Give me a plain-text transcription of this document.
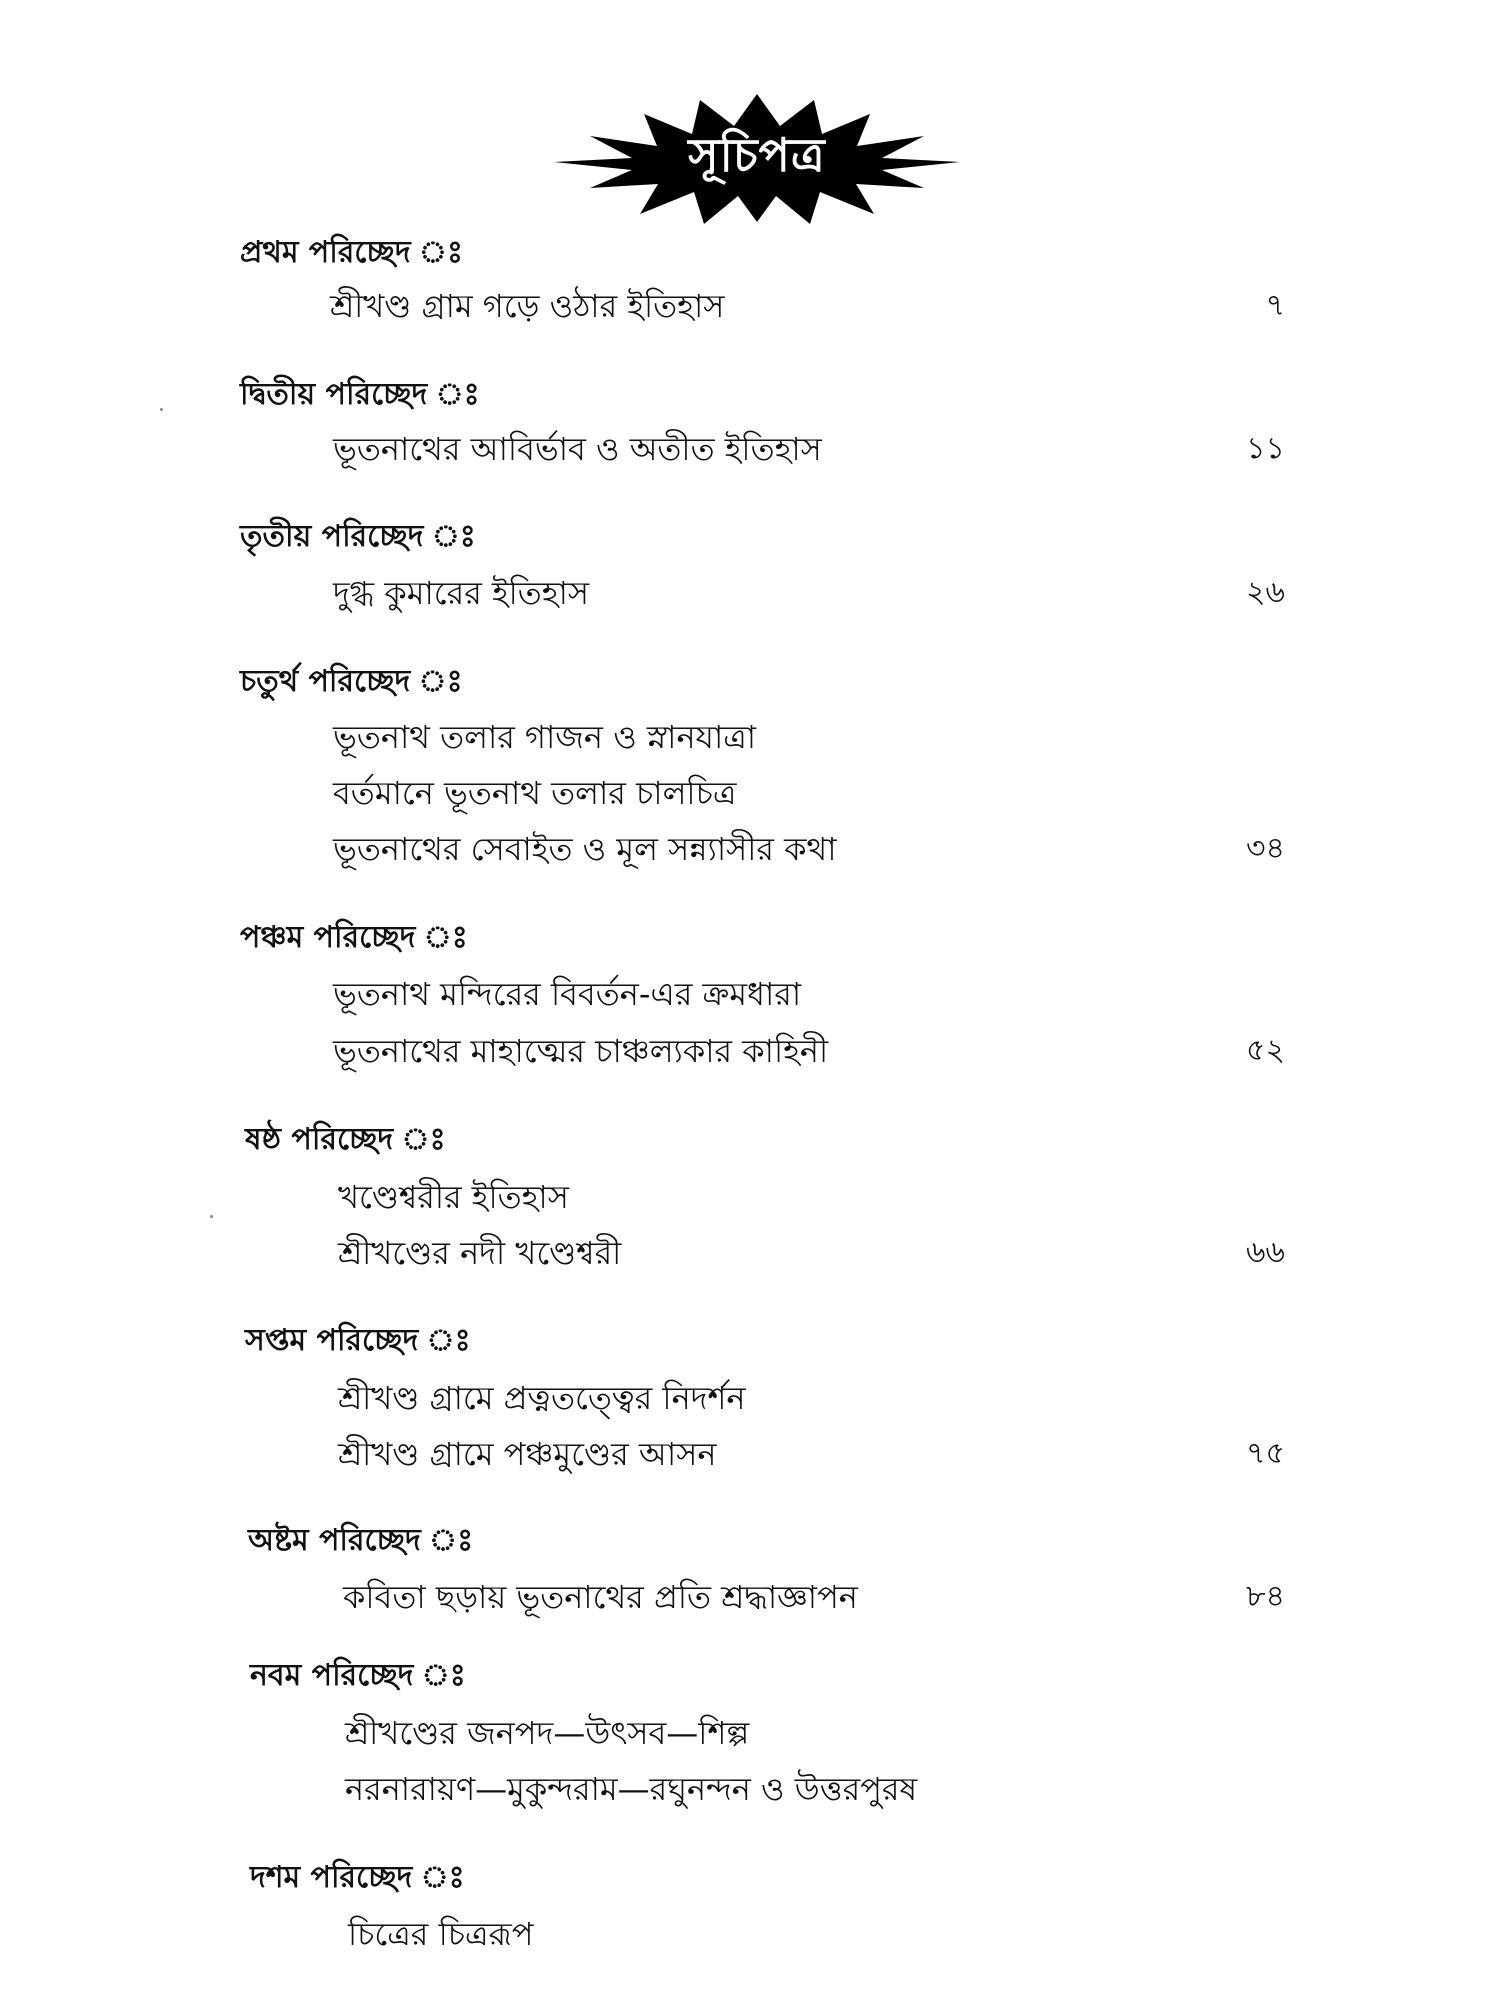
সূচিপত্র
প্রথম পরিচ্ছেদ ঃ
শ্রীখণ্ড গ্রাম গড়ে ওঠার ইতিহাস	৭
দ্বিতীয় পরিচ্ছেদ ঃ
ভূতনাথের আবির্ভাব ও অতীত ইতিহাস	১১
তৃতীয় পরিচ্ছেদ ঃ
দুগ্ধ কুমারের ইতিহাস	২৬
চতুর্থ পরিচ্ছেদ ঃ
ভূতনাথ তলার গাজন ও স্নানযাত্রা
বর্তমানে ভূতনাথ তলার চালচিত্র
ভূতনাথের সেবাইত ও মূল সন্ন্যাসীর কথা	৩৪
পঞ্চম পরিচ্ছেদ ঃ
ভূতনাথ মন্দিরের বিবর্তন-এর ক্রমধারা
ভূতনাথের মাহাত্মের চাঞ্চল্যকার কাহিনী	৫২
ষষ্ঠ পরিচ্ছেদ ঃ
খণ্ডেশ্বরীর ইতিহাস
শ্রীখণ্ডের নদী খণ্ডেশ্বরী	৬৬
সপ্তম পরিচ্ছেদ ঃ
শ্রীখণ্ড গ্রামে প্রত্নতত্ত্বের নিদর্শন
শ্রীখণ্ড গ্রামে পঞ্চমুণ্ডের আসন	৭৫
অষ্টম পরিচ্ছেদ ঃ
কবিতা ছড়ায় ভূতনাথের প্রতি শ্রদ্ধাজ্ঞাপন	৮৪
নবম পরিচ্ছেদ ঃ
শ্রীখণ্ডের জনপদ—উৎসব—শিল্প
নরনারায়ণ—মুকুন্দরাম—রঘুনন্দন ও উত্তরপুরষ
দশম পরিচ্ছেদ ঃ
চিত্রের চিত্ররূপ
